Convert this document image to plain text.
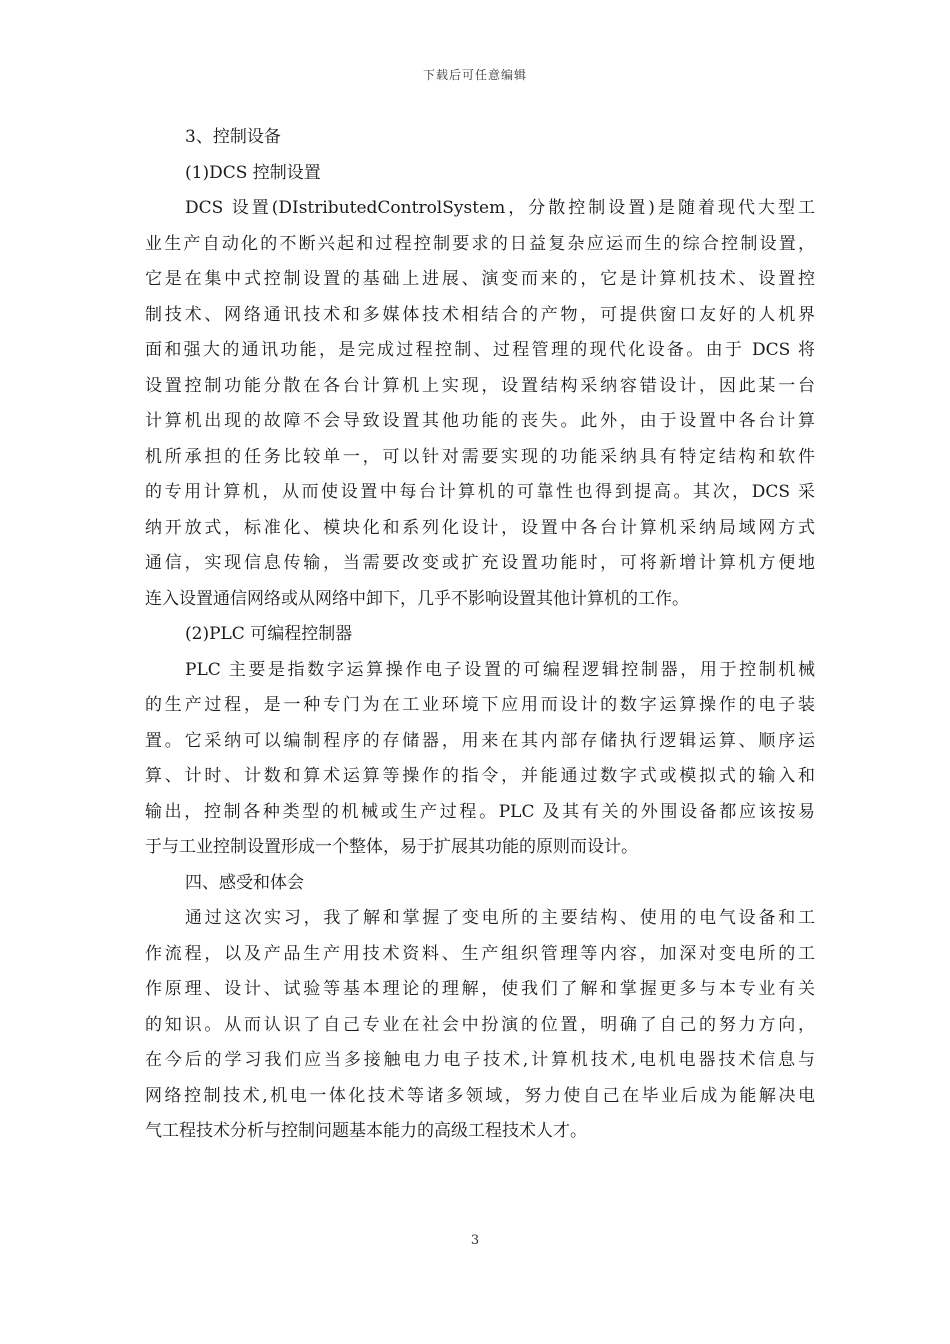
下载后可任意编辑
3、控制设备
(1)DCS 控制设置
DCS 设置(DIstributedControlSystem，分散控制设置)是随着现代大型工
业生产自动化的不断兴起和过程控制要求的日益复杂应运而生的综合控制设置，
它是在集中式控制设置的基础上进展、演变而来的，它是计算机技术、设置控
制技术、网络通讯技术和多媒体技术相结合的产物，可提供窗口友好的人机界
面和强大的通讯功能，是完成过程控制、过程管理的现代化设备。由于 DCS 将
设置控制功能分散在各台计算机上实现，设置结构采纳容错设计，因此某一台
计算机出现的故障不会导致设置其他功能的丧失。此外，由于设置中各台计算
机所承担的任务比较单一，可以针对需要实现的功能采纳具有特定结构和软件
的专用计算机，从而使设置中每台计算机的可靠性也得到提高。其次，DCS 采
纳开放式，标准化、模块化和系列化设计，设置中各台计算机采纳局域网方式
通信，实现信息传输，当需要改变或扩充设置功能时，可将新增计算机方便地
连入设置通信网络或从网络中卸下，几乎不影响设置其他计算机的工作。
(2)PLC 可编程控制器
PLC 主要是指数字运算操作电子设置的可编程逻辑控制器，用于控制机械
的生产过程，是一种专门为在工业环境下应用而设计的数字运算操作的电子装
置。它采纳可以编制程序的存储器，用来在其内部存储执行逻辑运算、顺序运
算、计时、计数和算术运算等操作的指令，并能通过数字式或模拟式的输入和
输出，控制各种类型的机械或生产过程。PLC 及其有关的外围设备都应该按易
于与工业控制设置形成一个整体，易于扩展其功能的原则而设计。
四、感受和体会
通过这次实习，我了解和掌握了变电所的主要结构、使用的电气设备和工
作流程，以及产品生产用技术资料、生产组织管理等内容，加深对变电所的工
作原理、设计、试验等基本理论的理解，使我们了解和掌握更多与本专业有关
的知识。从而认识了自己专业在社会中扮演的位置，明确了自己的努力方向，
在今后的学习我们应当多接触电力电子技术,计算机技术,电机电器技术信息与
网络控制技术,机电一体化技术等诸多领域，努力使自己在毕业后成为能解决电
气工程技术分析与控制问题基本能力的高级工程技术人才。
3
